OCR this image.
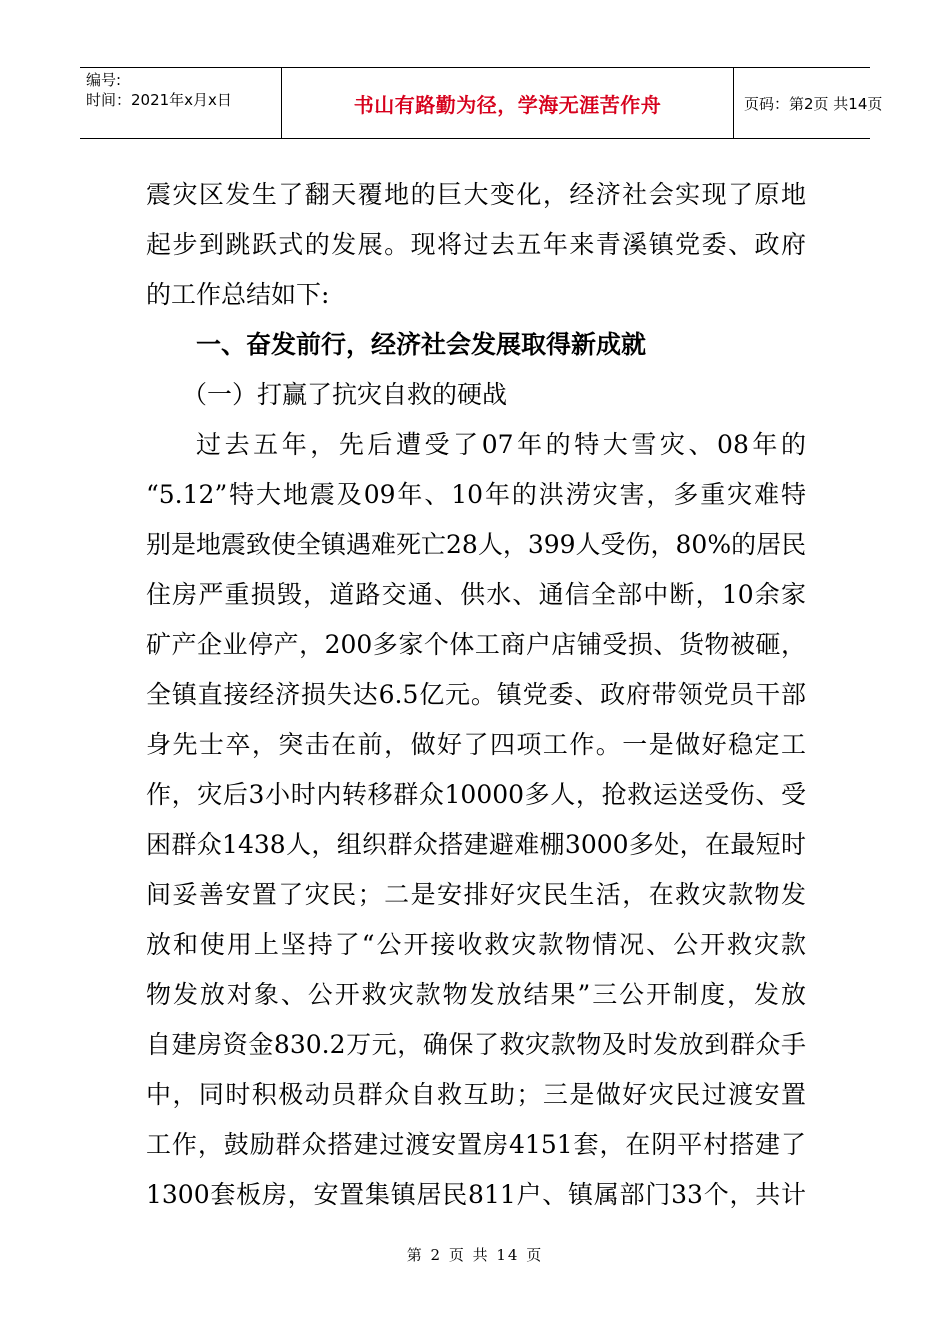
编号:
时间：2021年x月x日	书山有路勤为径，学海无涯苦作舟	页码：第2页 共14页
震灾区发生了翻天覆地的巨大变化，经济社会实现了原地
起步到跳跃式的发展。现将过去五年来青溪镇党委、政府
的工作总结如下:
一、奋发前行，经济社会发展取得新成就
（一）打赢了抗灾自救的硬战
过去五年，先后遭受了07年的特大雪灾、08年的
“5.12”特大地震及09年、10年的洪涝灾害，多重灾难特
别是地震致使全镇遇难死亡28人，399人受伤，80%的居民
住房严重损毁，道路交通、供水、通信全部中断，10余家
矿产企业停产，200多家个体工商户店铺受损、货物被砸，
全镇直接经济损失达6.5亿元。镇党委、政府带领党员干部
身先士卒，突击在前，做好了四项工作。一是做好稳定工
作，灾后3小时内转移群众10000多人，抢救运送受伤、受
困群众1438人，组织群众搭建避难棚3000多处，在最短时
间妥善安置了灾民；二是安排好灾民生活，在救灾款物发
放和使用上坚持了“公开接收救灾款物情况、公开救灾款
物发放对象、公开救灾款物发放结果”三公开制度，发放
自建房资金830.2万元，确保了救灾款物及时发放到群众手
中，同时积极动员群众自救互助；三是做好灾民过渡安置
工作，鼓励群众搭建过渡安置房4151套，在阴平村搭建了
1300套板房，安置集镇居民811户、镇属部门33个，共计
第 2 页 共 14 页
